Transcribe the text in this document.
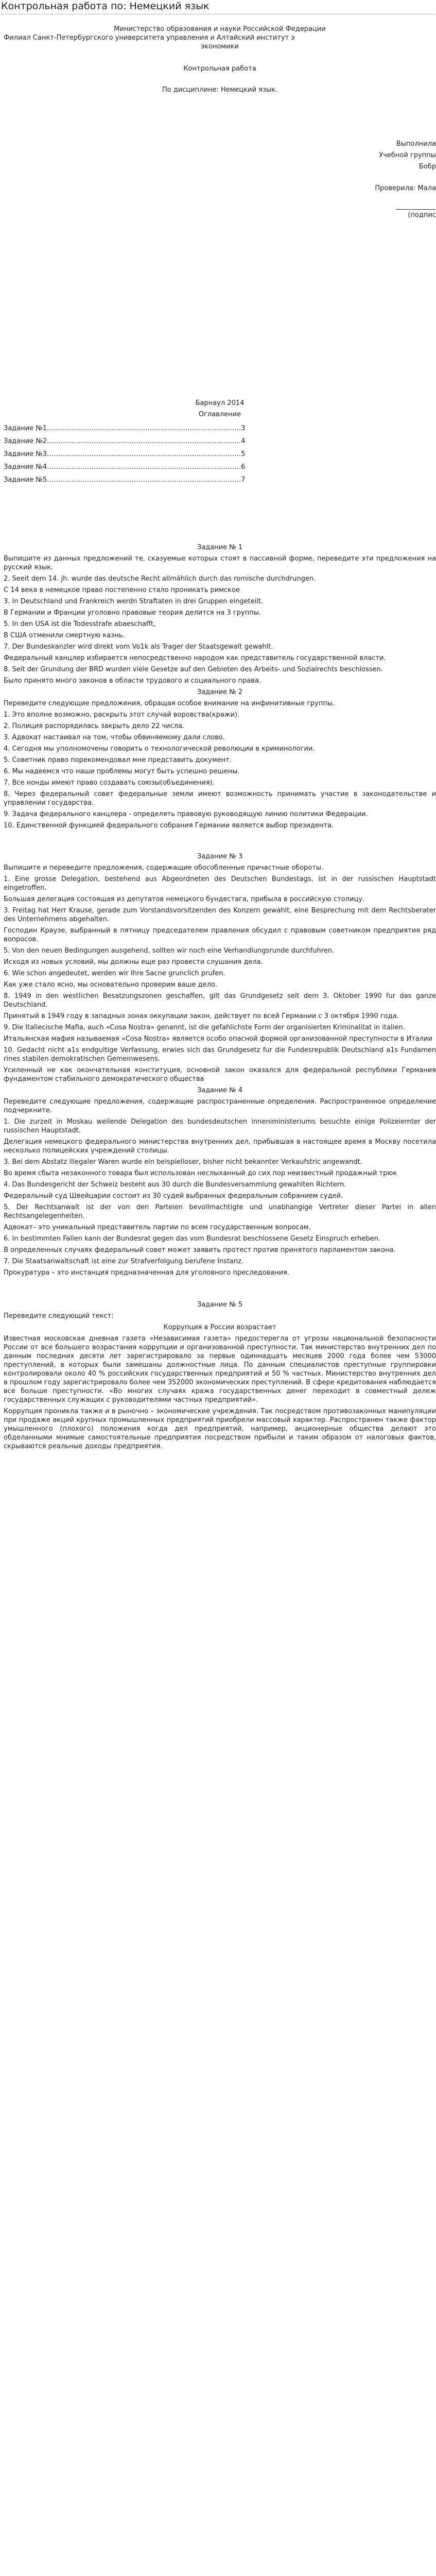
Контрольная работа по: Немецкий язык
Министерство образования и науки Российской Федерации
Филиал Санкт-Петербургского университета управления и Алтайский институт э
экономики
Контрольная работа
По дисциплине: Немецкий язык.
Выполнила
Учебной группы
Бобр
Проверила: Мала
____________
(подпис
Барнаул 2014
Оглавление
Задание №1……………………………………………………………………………3
Задание №2……………………………………………………………………………4
Задание №3……………………………………………………………………………5
Задание №4……………………………………………………………………………6
Задание №5……………………………………………………………………………7
Задание № 1

Выпишите из данных предложений те, сказуемые которых стоят в пассивной форме, переведите эти предложения на русский язык.

2. Seeit dem 14. jh. wurde das deutsche Recht allmählich durch das romische durchdrungen.

С 14 века в немецкое право постепенно стало проникать римское

3. In Deutschland und Frankreich werdn Straftaten in drei Gruppen eingeteilt.

В Германии и Франции уголовно правовые теория делится на 3 группы.

5. In den USA ist die Todesstrafe abaeschafft,

В США отменили смертную казнь.

7. Der Bundeskanzler wird direkt vom Vo1k als Trager der Staatsgewalt gewahlt.

Федеральный канцлер избирается непосредственно народом как представитель государственной власти.

8. Seit der Grundung der BRD wurden viele Gesetze auf den Gebieten des Arbeits- und Sozialrechts beschlossen.

Было принято много законов в области трудового и социального права.

Задание № 2

Переведите следующие предложения, обращая особое внимание на инфинитивные группы.

1. Это вполне возможно, раскрыть этот случай воровства(кражи).

2. Полиция распорядилась закрыть дело 22 числа.

3. Адвокат настаивал на том, чтобы обвиняемому дали слово.

4. Сегодня мы уполномочены говорить о технологической революции в криминологии.

5. Советник право порекомендовал мне представить документ.

6. Мы надеемся что наши проблемы могут быть успешно решены.

7. Все нонды имеют право создавать союзы(объединения).

8. Через федеральный совет федеральные земли имеют возможность принимать участие в законодательстве и управлении государства.

9. Задача федерального канцлера - определять правовую руководящую линию политики Федерации.

10. Единственной функцией федерального собрания Германии является выбор президента.

Задание № 3

Выпишите и переведите предложения, содержащие обособленные причастные обороты.

1. Eine grosse Delegation, bestehend aus Abgeordneten des Deutschen Bundestags, ist in der russischen Hauptstadt eingetroffen.

Большая делегация состоящая из депутатов немецкого бундестага, прибыла в российскую столицу.

3. Freitag hat Herr Krause, gerade zum Vorstandsvorsitzenden des Konzern gewahlt, eine Besprechung mit dem Rechtsberater des Unternehmens abgehalten.

Господин Краузе, выбранный в пятницу председателем правления обсудил с правовым советником предприятия ряд вопросов.

5. Von den neuen Bedingungen ausgehend, sollten wir noch eine Verhandlungsrunde durchfuhren.

Исходя из новых условий, мы должны еще раз провести слушания дела.

6. Wie schon angedeutet, werden wir Ihre Sacne grunclich prufen.

Как уже стало ясно, мы основательно проверим ваше дело.

8. 1949 in den westlichen Besatzungszonen geschaffen, gilt das Grundgesetz seit dem 3. Oktober 1990 fur das ganze Deutschland.

Принятый в 1949 году в западных зонах оккупации закон, действует по всей Германии с 3 октября 1990 года.

9. Die Italiecische Mafia, auch «Cosa Nostra» genannt, ist die gefahlichste Form der organisierten Kriminalitat in italien.

Итальянская мафия называемая «Cosa Nostra» является особо опасной формой организованной преступности в Италии

10. Gedacht nicht a1s endgultige Verfassung, erwies sich das Grundgesetz fur die Fundesrepublik Deutschland a1s Fundamen rines stabilen demokratischen Gemeinwesens.

Усиленный не как окончательная конституция, основной закон оказался для федеральной республики Германия фундаментом стабильного демократического общества

Задание № 4

Переведите следующие предложения, содержащие распространенные определения. Распространенное определение подчеркните.

1. Die zurzeit in Moskau weilende Delegation des bundesdeutschen inneniministeriums besuchte einige Polizeiemter der russischen Hauptstadt.

Делегация немецкого федерального министерства внутренних дел, прибывшая в настоящее время в Москву посетила несколько полицейских учреждений столицы.

3. Bei dem Abstatz illegaler Waren wurde ein beispielloser, bisher nicht bekannter Verkaufstric angewandt.

Во время сбыта незаконного товара был использован неслыханный до сих пор неизвестный продажный трюк

4. Das Bundesgericht der Schweiz besteht aus 30 durch die Bundesversammlung gewahlten Richtern.

Федеральный суд Швейцарии состоит из 30 судей выбранных федеральным собранием судей.

5. Der Rechtsanwalt ist der von den Parteien bevollmachtigte und unabhangige Vertreter dieser Partei in allen Rechtsangelegenheiten.

Адвокат– это уникальный представитель партии по всем государственным вопросам.

6. In bestimmten Fallen kann der Bundesrat gegen das vom Bundesrat beschlossene Gesetz Einspruch erheben.

В определенных случаях федеральный совет может заявить протест против принятого парламентом закона.

7. Die Staatsanwaltschaft ist eine zur Strafverfolgung berufene Instanz.

Прокуратура – это инстанция предназначенная для уголовного преследования.

Задание № 5

Переведите следующий текст:

Коррупция в России возрастает

Известная московская дневная газета «Независимая газета» предостерегла от угрозы национальной безопасности России от все большего возрастания коррупции и организованной преступности. Так министерство внутренних дел по данным последних десяти лет зарегистрировало за первые одиннадцать месяцев 2000 года более чем 53000 преступлений, в которых были замешаны должностные лица. По данным специалистов преступные группировки контролировали около 40 % российских государственных предприятий и 50 % частных. Министерство внутренних дел в прошлом году зарегистрировало более чем 352000 экономических преступлений. В сфере кредитования наблюдается все больше преступности. «Во многих случаях кража государственных денег переходит в совместный дележ государственных служащих с руководителями частных предприятий».

Коррупция проникла также и в рыночно – экономические учреждения. Так посредством противозаконных манипуляции при продаже акций крупных промышленных предприятий приобрели массовый характер. Распространен также фактор умышленного (плохого) положения когда дел предприятий, например, акционерные общества делают это обделанными мнимые самостоятельные предприятия посредством прибыли и таким образом от налоговых фактов, скрываются реальные доходы предприятия.
